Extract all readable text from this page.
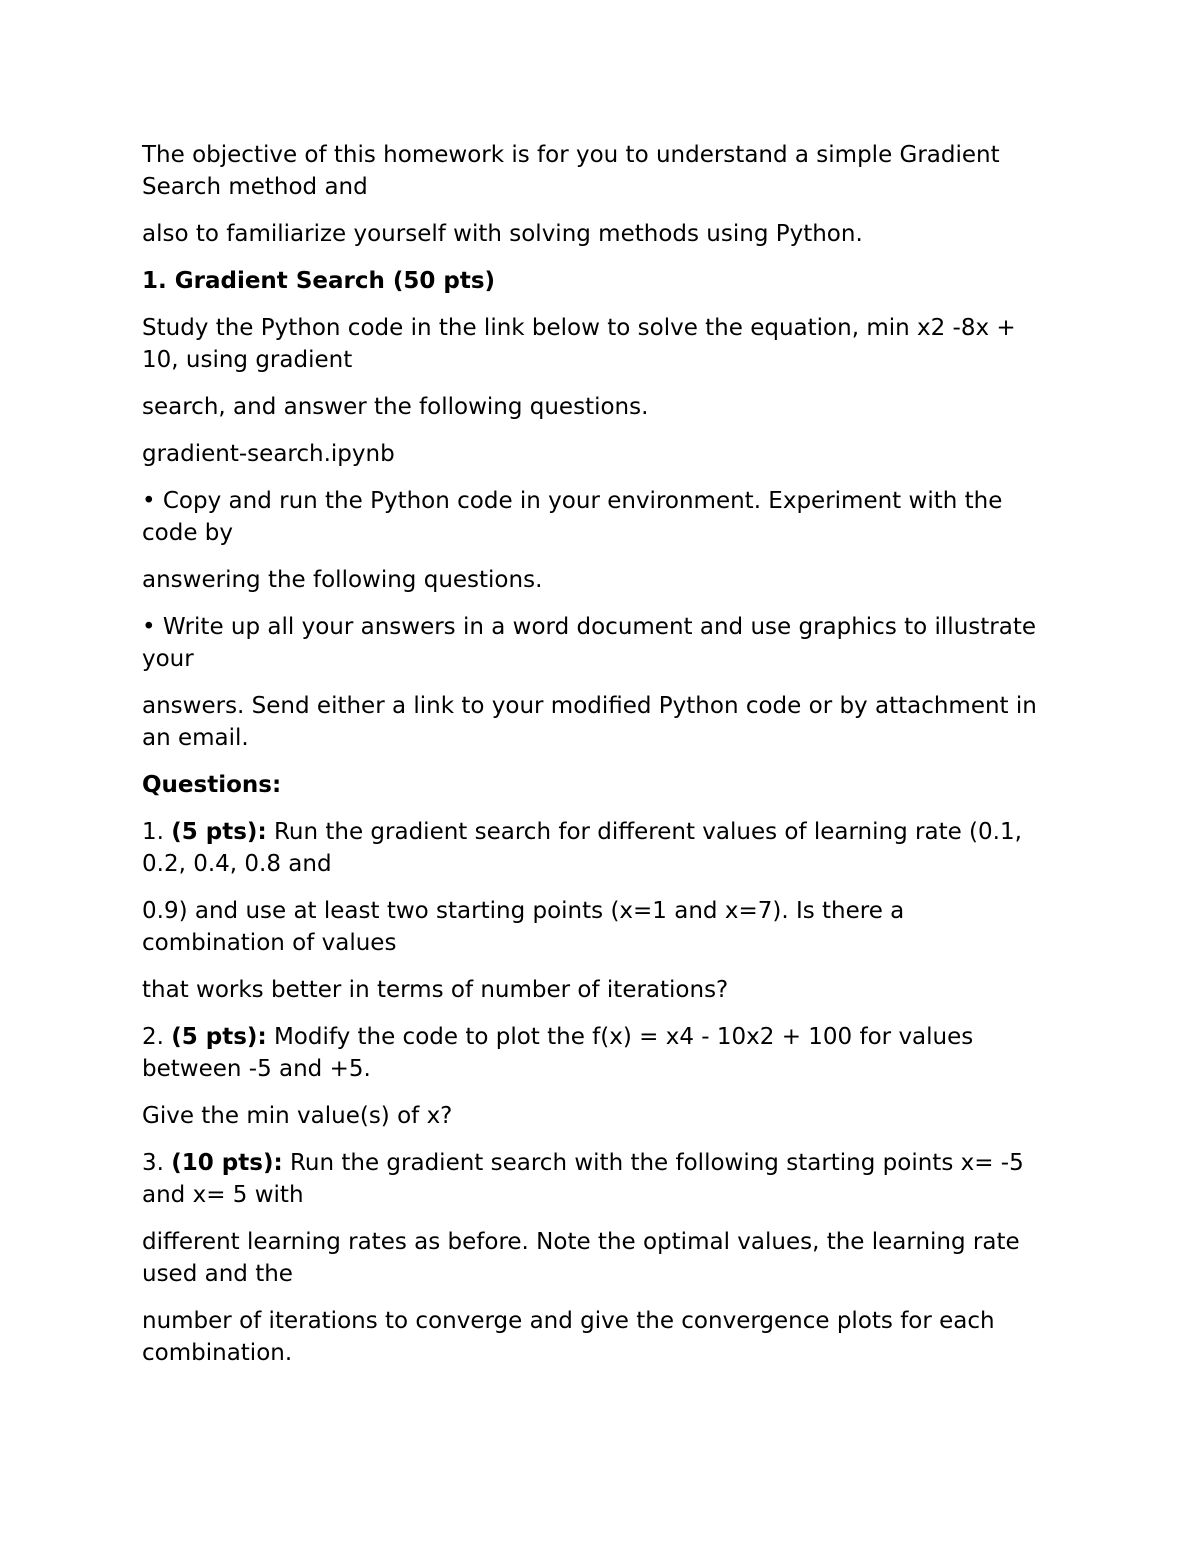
The objective of this homework is for you to understand a simple Gradient
Search method and

also to familiarize yourself with solving methods using Python.

1. Gradient Search (50 pts)

Study the Python code in the link below to solve the equation, min x2 -8x +
10, using gradient

search, and answer the following questions.

gradient-search.ipynb

• Copy and run the Python code in your environment. Experiment with the
code by

answering the following questions.

• Write up all your answers in a word document and use graphics to illustrate
your

answers. Send either a link to your modified Python code or by attachment in
an email.

Questions:

1. (5 pts): Run the gradient search for different values of learning rate (0.1,
0.2, 0.4, 0.8 and

0.9) and use at least two starting points (x=1 and x=7). Is there a
combination of values

that works better in terms of number of iterations?

2. (5 pts): Modify the code to plot the f(x) = x4 - 10x2 + 100 for values
between -5 and +5.

Give the min value(s) of x?

3. (10 pts): Run the gradient search with the following starting points x= -5
and x= 5 with

different learning rates as before. Note the optimal values, the learning rate
used and the

number of iterations to converge and give the convergence plots for each
combination.
